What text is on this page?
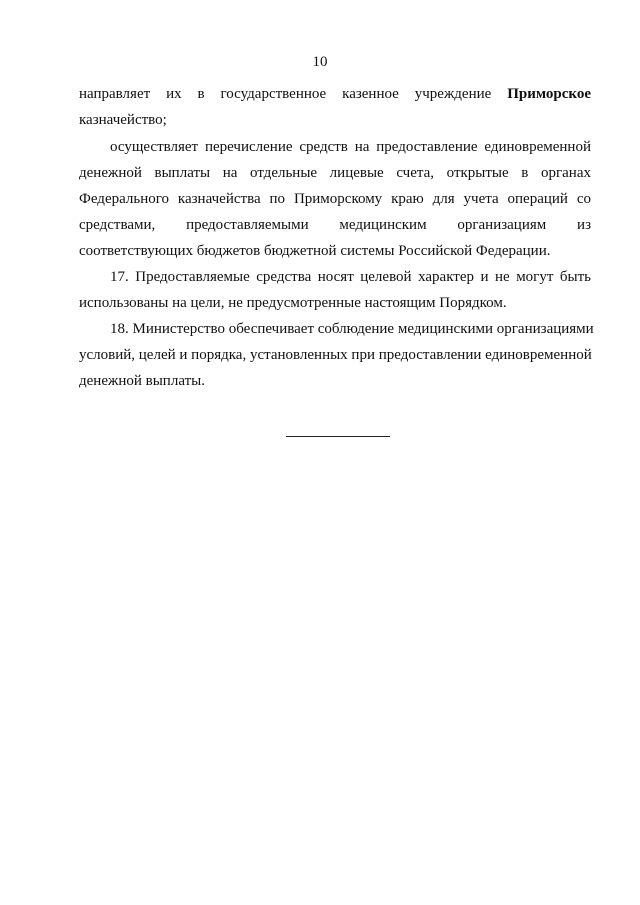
10
направляет их в государственное казенное учреждение Приморское
казначейство;
осуществляет перечисление средств на предоставление единовременной
денежной выплаты на отдельные лицевые счета, открытые в органах
Федерального казначейства по Приморскому краю для учета операций со
средствами, предоставляемыми медицинским организациям из
соответствующих бюджетов бюджетной системы Российской Федерации.
17. Предоставляемые средства носят целевой характер и не могут быть
использованы на цели, не предусмотренные настоящим Порядком.
18. Министерство обеспечивает соблюдение медицинскими организациями
условий, целей и порядка, установленных при предоставлении единовременной
денежной выплаты.
